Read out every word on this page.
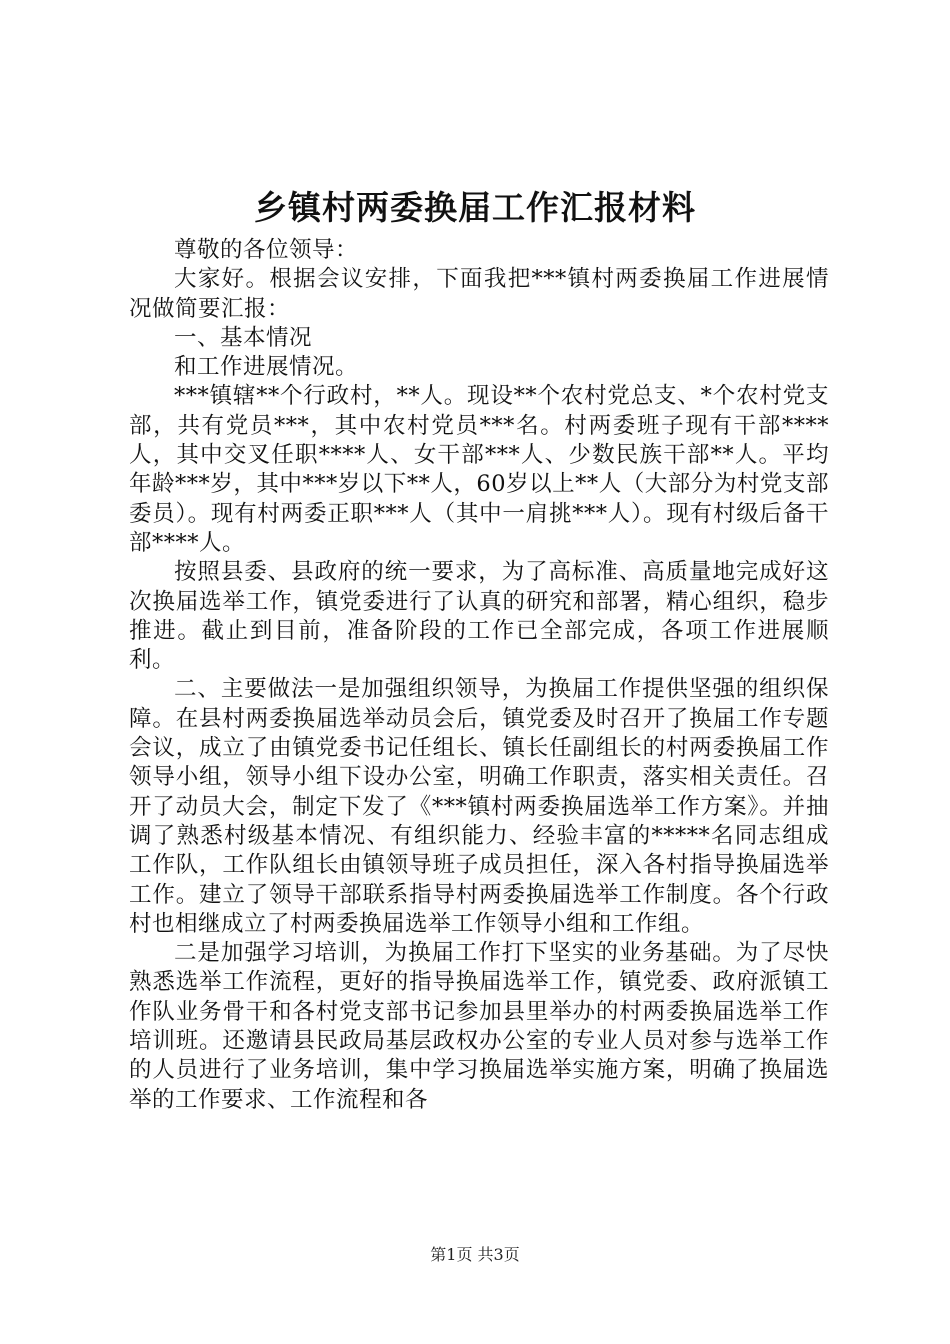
乡镇村两委换届工作汇报材料

尊敬的各位领导：

大家好。根据会议安排，下面我把***镇村两委换届工作进展情况做简要汇报：

一、基本情况

和工作进展情况。

***镇辖**个行政村，**人。现设**个农村党总支、*个农村党支部，共有党员***，其中农村党员***名。村两委班子现有干部****人，其中交叉任职****人、女干部***人、少数民族干部**人。平均年龄***岁，其中***岁以下**人，60岁以上**人（大部分为村党支部委员）。现有村两委正职***人（其中一肩挑***人）。现有村级后备干部****人。

按照县委、县政府的统一要求，为了高标准、高质量地完成好这次换届选举工作，镇党委进行了认真的研究和部署，精心组织，稳步推进。截止到目前，准备阶段的工作已全部完成，各项工作进展顺利。

二、主要做法一是加强组织领导，为换届工作提供坚强的组织保障。在县村两委换届选举动员会后，镇党委及时召开了换届工作专题会议，成立了由镇党委书记任组长、镇长任副组长的村两委换届工作领导小组，领导小组下设办公室，明确工作职责，落实相关责任。召开了动员大会，制定下发了《***镇村两委换届选举工作方案》。并抽调了熟悉村级基本情况、有组织能力、经验丰富的*****名同志组成工作队，工作队组长由镇领导班子成员担任，深入各村指导换届选举工作。建立了领导干部联系指导村两委换届选举工作制度。各个行政村也相继成立了村两委换届选举工作领导小组和工作组。

二是加强学习培训，为换届工作打下坚实的业务基础。为了尽快熟悉选举工作流程，更好的指导换届选举工作，镇党委、政府派镇工作队业务骨干和各村党支部书记参加县里举办的村两委换届选举工作培训班。还邀请县民政局基层政权办公室的专业人员对参与选举工作的人员进行了业务培训，集中学习换届选举实施方案，明确了换届选举的工作要求、工作流程和各

第1页 共3页
